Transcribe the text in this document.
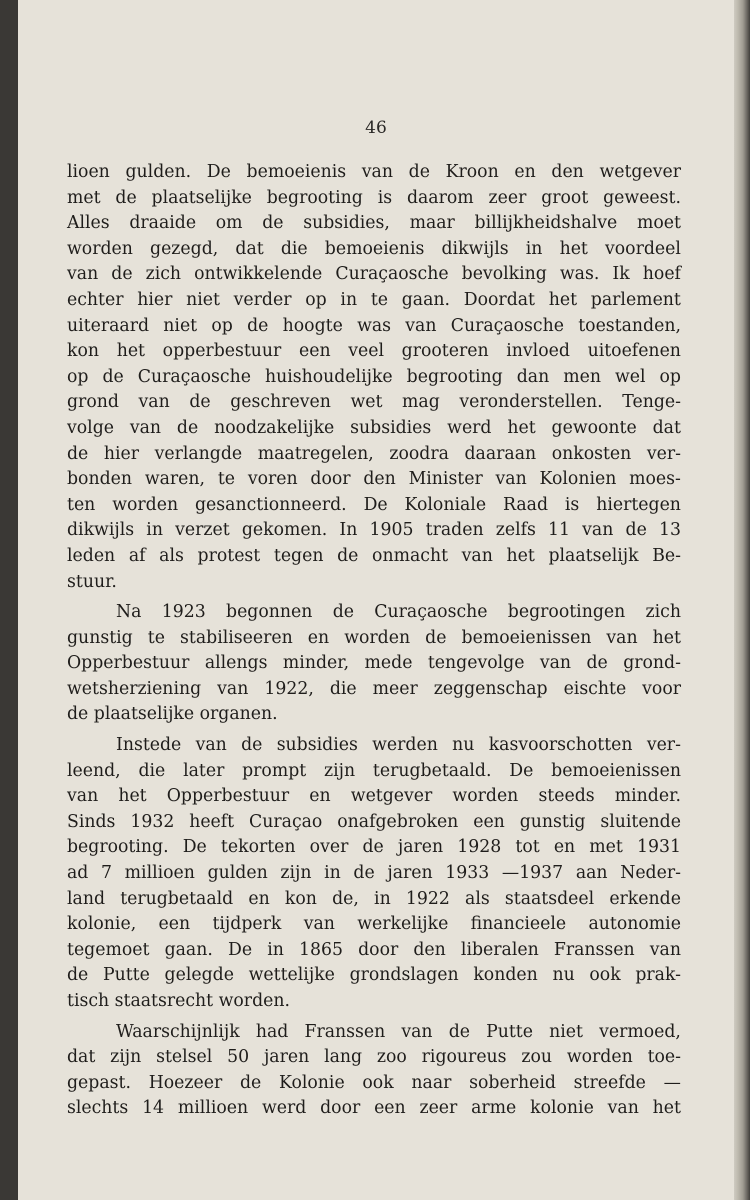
46
lioen gulden. De bemoeienis van de Kroon en den wetgever
met de plaatselijke begrooting is daarom zeer groot geweest.
Alles draaide om de subsidies, maar billijkheidshalve moet
worden gezegd, dat die bemoeienis dikwijls in het voordeel
van de zich ontwikkelende Curaçaosche bevolking was. Ik hoef
echter hier niet verder op in te gaan. Doordat het parlement
uiteraard niet op de hoogte was van Curaçaosche toestanden,
kon het opperbestuur een veel grooteren invloed uitoefenen
op de Curaçaosche huishoudelijke begrooting dan men wel op
grond van de geschreven wet mag veronderstellen. Tenge-
volge van de noodzakelijke subsidies werd het gewoonte dat
de hier verlangde maatregelen, zoodra daaraan onkosten ver-
bonden waren, te voren door den Minister van Kolonien moes-
ten worden gesanctionneerd. De Koloniale Raad is hiertegen
dikwijls in verzet gekomen. In 1905 traden zelfs 11 van de 13
leden af als protest tegen de onmacht van het plaatselijk Be-
stuur.
Na 1923 begonnen de Curaçaosche begrootingen zich
gunstig te stabiliseeren en worden de bemoeienissen van het
Opperbestuur allengs minder, mede tengevolge van de grond-
wetsherziening van 1922, die meer zeggenschap eischte voor
de plaatselijke organen.
Instede van de subsidies werden nu kasvoorschotten ver-
leend, die later prompt zijn terugbetaald. De bemoeienissen
van het Opperbestuur en wetgever worden steeds minder.
Sinds 1932 heeft Curaçao onafgebroken een gunstig sluitende
begrooting. De tekorten over de jaren 1928 tot en met 1931
ad 7 millioen gulden zijn in de jaren 1933 —1937 aan Neder-
land terugbetaald en kon de, in 1922 als staatsdeel erkende
kolonie, een tijdperk van werkelijke financieele autonomie
tegemoet gaan. De in 1865 door den liberalen Franssen van
de Putte gelegde wettelijke grondslagen konden nu ook prak-
tisch staatsrecht worden.
Waarschijnlijk had Franssen van de Putte niet vermoed,
dat zijn stelsel 50 jaren lang zoo rigoureus zou worden toe-
gepast. Hoezeer de Kolonie ook naar soberheid streefde —
slechts 14 millioen werd door een zeer arme kolonie van het
